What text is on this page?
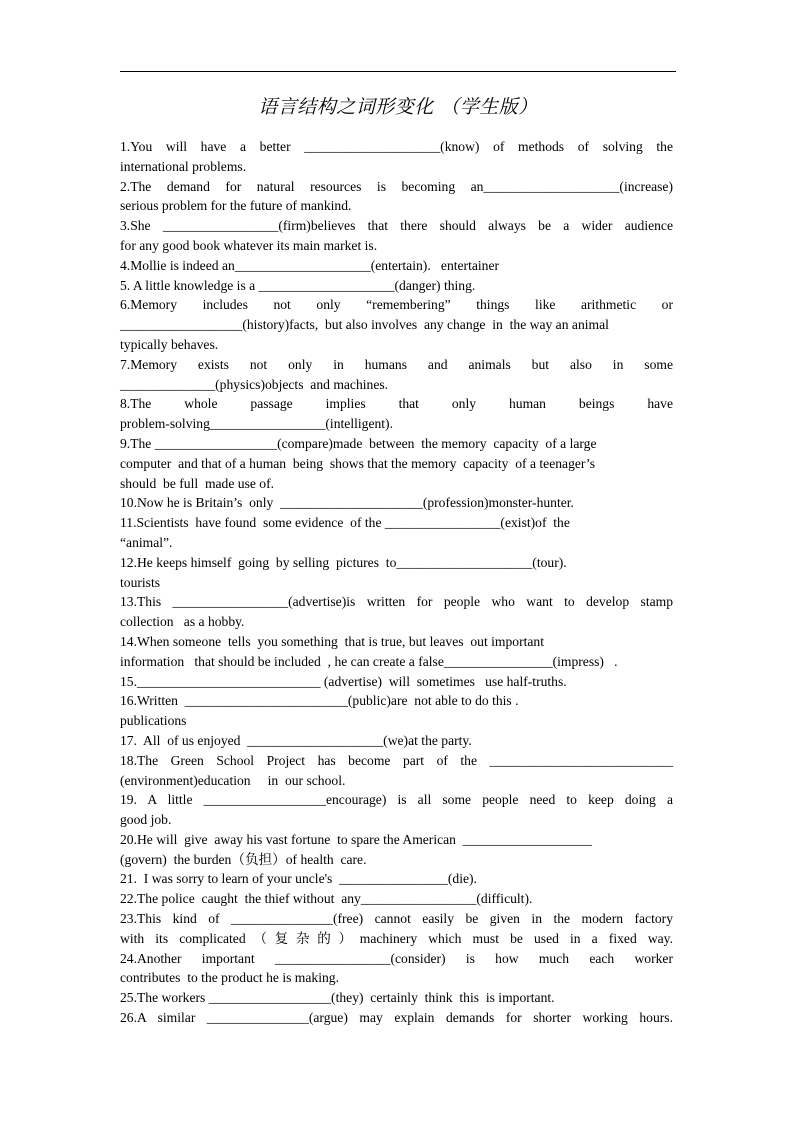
语言结构之词形变化 （学生版）
1.You will have a better ____________________(know) of methods of solving the
international problems.
2.The demand for natural resources is becoming an____________________(increase)
serious problem for the future of mankind.
3.She _________________(firm)believes that there should always be a wider audience
for any good book whatever its main market is.
4.Mollie is indeed an____________________(entertain).   entertainer
5. A little knowledge is a ____________________(danger) thing.
6.Memory includes not only “remembering” things like arithmetic or
__________________(history)facts,  but also involves  any change  in  the way an animal
typically behaves.
7.Memory exists not only in humans and animals but also in some
______________(physics)objects  and machines.
8.The whole passage implies that only human beings have
problem-solving_________________(intelligent).
9.The __________________(compare)made  between  the memory  capacity  of a large
computer  and that of a human  being  shows that the memory  capacity  of a teenager’s
should  be full  made use of.
10.Now he is Britain’s  only  _____________________(profession)monster-hunter.
11.Scientists  have found  some evidence  of the _________________(exist)of  the
“animal”.
12.He keeps himself  going  by selling  pictures  to____________________(tour).
tourists
13.This _________________(advertise)is written for people who want to develop stamp
collection   as a hobby.
14.When someone  tells  you something  that is true, but leaves  out important
information   that should be included  , he can create a false________________(impress)   .
15.___________________________ (advertise)  will  sometimes   use half-truths.
16.Written  ________________________(public)are  not able to do this .
publications
17.  All  of us enjoyed  ____________________(we)at the party.
18.The Green School Project has become part of the ___________________________
(environment)education     in  our school.
19. A little __________________encourage) is all some people need to keep doing a
good job.
20.He will  give  away his vast fortune  to spare the American  ___________________
(govern)  the burden（负担）of health  care.
21.  I was sorry to learn of your uncle's  ________________(die).
22.The police  caught  the thief without  any_________________(difficult).
23.This kind of _______________(free) cannot easily be given in the modern factory
with its complicated（复杂的）machinery which must be used in a fixed way.
24.Another important _________________(consider) is how much each worker
contributes  to the product he is making.
25.The workers __________________(they)  certainly  think  this  is important.
26.A similar _______________(argue) may explain demands for shorter working hours.
